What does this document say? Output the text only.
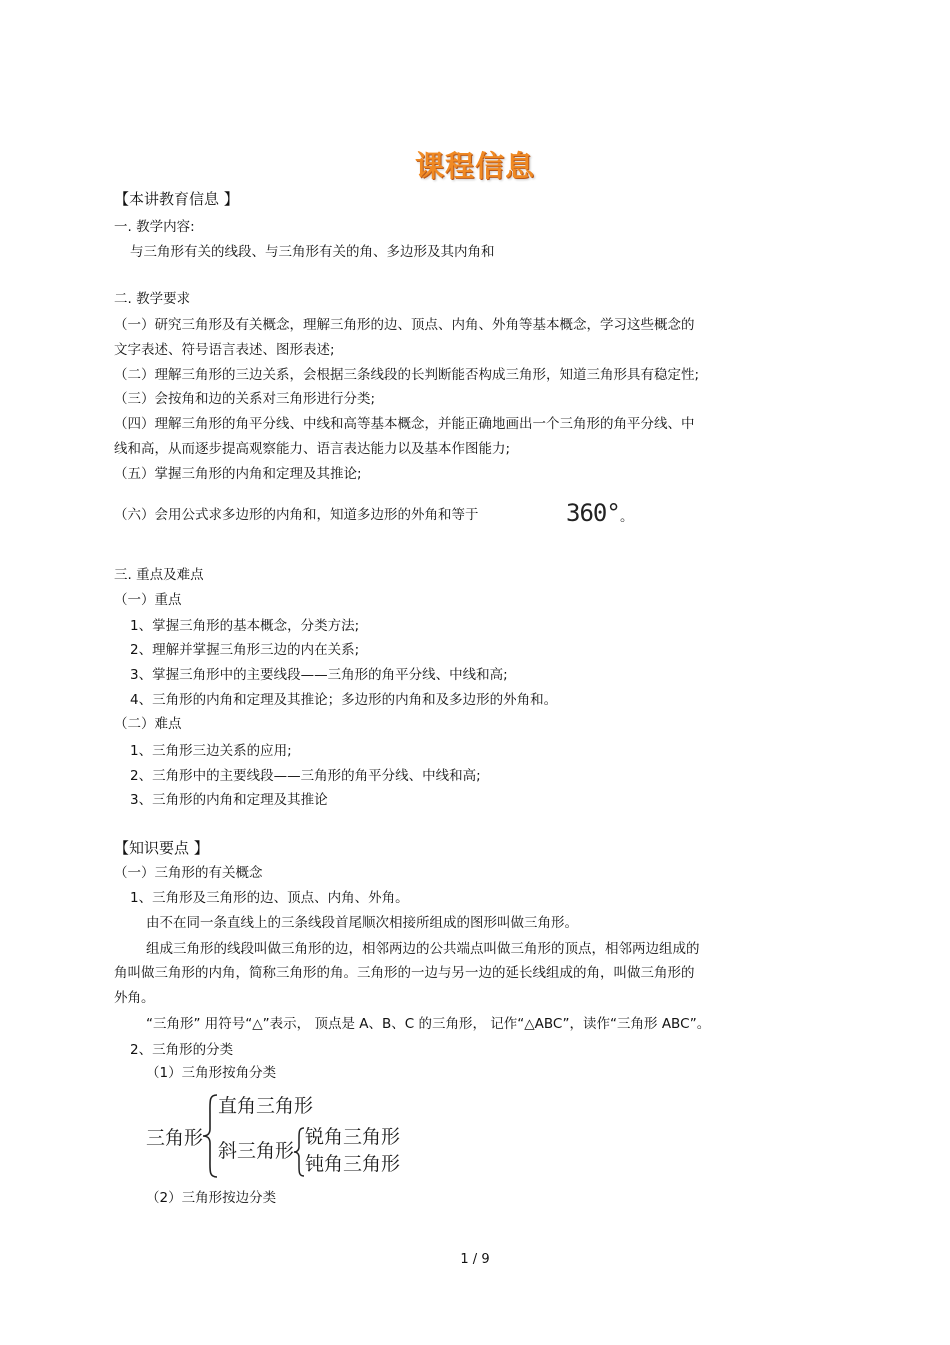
课程信息
【本讲教育信息 】
一. 教学内容:
与三角形有关的线段、与三角形有关的角、多边形及其内角和
二. 教学要求
（一）研究三角形及有关概念，理解三角形的边、顶点、内角、外角等基本概念，学习这些概念的
文字表述、符号语言表述、图形表述;
（二）理解三角形的三边关系，会根据三条线段的长判断能否构成三角形，知道三角形具有稳定性;
（三）会按角和边的关系对三角形进行分类;
（四）理解三角形的角平分线、中线和高等基本概念，并能正确地画出一个三角形的角平分线、中
线和高，从而逐步提高观察能力、语言表达能力以及基本作图能力;
（五）掌握三角形的内角和定理及其推论;
（六）会用公式求多边形的内角和，知道多边形的外角和等于	360° 。
三. 重点及难点
（一）重点
1、掌握三角形的基本概念，分类方法;
2、理解并掌握三角形三边的内在关系;
3、掌握三角形中的主要线段——三角形的角平分线、中线和高;
4、三角形的内角和定理及其推论；多边形的内角和及多边形的外角和。
（二）难点
1、三角形三边关系的应用;
2、三角形中的主要线段——三角形的角平分线、中线和高;
3、三角形的内角和定理及其推论
【知识要点 】
（一）三角形的有关概念
1、三角形及三角形的边、顶点、内角、外角。
由不在同一条直线上的三条线段首尾顺次相接所组成的图形叫做三角形。
组成三角形的线段叫做三角形的边，相邻两边的公共端点叫做三角形的顶点，相邻两边组成的
角叫做三角形的内角，简称三角形的角。三角形的一边与另一边的延长线组成的角，叫做三角形的
外角。
“三角形” 用符号“△”表示， 顶点是 A、B、C 的三角形， 记作“△ABC”，读作“三角形 ABC”。
2、三角形的分类
（1）三角形按角分类
三角形
直角三角形
斜三角形
锐角三角形
钝角三角形
（2）三角形按边分类
1 / 9
